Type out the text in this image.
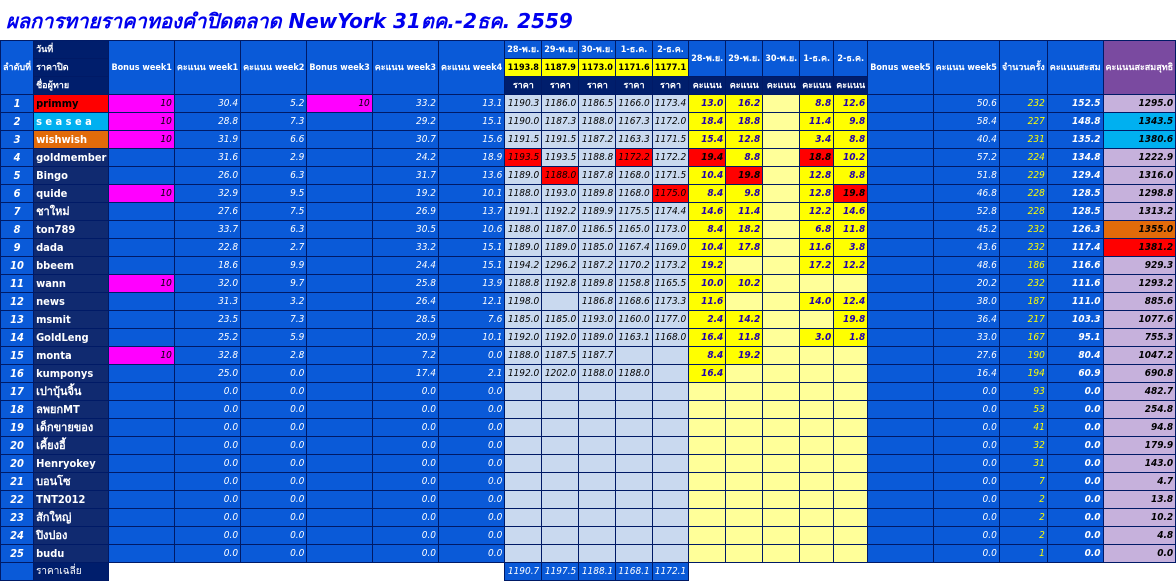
ผลการทายราคาทองคำปิดตลาด NewYork 31ตค.-2ธค. 2559
ลำดับที่	วันที่	Bonus week1	คะแนน week1	คะแนน week2	Bonus week3	คะแนน week3	คะแนน week4	28-พ.ย.	29-พ.ย.	30-พ.ย.	1-ธ.ค.	2-ธ.ค.	28-พ.ย.	29-พ.ย.	30-พ.ย.	1-ธ.ค.	2-ธ.ค.	Bonus week5	คะแนน week5	จำนวนครั้ง	คะแนนสะสม	คะแนนสะสมสุทธิ
	ราคาปิด							1193.8	1187.9	1173.0	1171.6	1177.1										
	ชื่อผู้ทาย							ราคา	ราคา	ราคา	ราคา	ราคา	คะแนน	คะแนน	คะแนน	คะแนน	คะแนน					
1	primmy	10	30.4	5.2	10	33.2	13.1	1190.3	1186.0	1186.5	1166.0	1173.4	13.0	16.2		8.8	12.6		50.6	232	152.5	1295.0
2	s e a s e a	10	28.8	7.3		29.2	15.1	1190.0	1187.3	1188.0	1167.3	1172.0	18.4	18.8		11.4	9.8		58.4	227	148.8	1343.5
3	wishwish	10	31.9	6.6		30.7	15.6	1191.5	1191.5	1187.2	1163.3	1171.5	15.4	12.8		3.4	8.8		40.4	231	135.2	1380.6
4	goldmember		31.6	2.9		24.2	18.9	1193.5	1193.5	1188.8	1172.2	1172.2	19.4	8.8		18.8	10.2		57.2	224	134.8	1222.9
5	Bingo		26.0	6.3		31.7	13.6	1189.0	1188.0	1187.8	1168.0	1171.5	10.4	19.8		12.8	8.8		51.8	229	129.4	1316.0
6	quide	10	32.9	9.5		19.2	10.1	1188.0	1193.0	1189.8	1168.0	1175.0	8.4	9.8		12.8	19.8		46.8	228	128.5	1298.8
7	ชาใหม่		27.6	7.5		26.9	13.7	1191.1	1192.2	1189.9	1175.5	1174.4	14.6	11.4		12.2	14.6		52.8	228	128.5	1313.2
8	ton789		33.7	6.3		30.5	10.6	1188.0	1187.0	1186.5	1165.0	1173.0	8.4	18.2		6.8	11.8		45.2	232	126.3	1355.0
9	dada		22.8	2.7		33.2	15.1	1189.0	1189.0	1185.0	1167.4	1169.0	10.4	17.8		11.6	3.8		43.6	232	117.4	1381.2
10	bbeem		18.6	9.9		24.4	15.1	1194.2	1296.2	1187.2	1170.2	1173.2	19.2			17.2	12.2		48.6	186	116.6	929.3
11	wann	10	32.0	9.7		25.8	13.9	1188.8	1192.8	1189.8	1158.8	1165.5	10.0	10.2					20.2	232	111.6	1293.2
12	news		31.3	3.2		26.4	12.1	1198.0		1186.8	1168.6	1173.3	11.6			14.0	12.4		38.0	187	111.0	885.6
13	msmit		23.5	7.3		28.5	7.6	1185.0	1185.0	1193.0	1160.0	1177.0	2.4	14.2			19.8		36.4	217	103.3	1077.6
14	GoldLeng		25.2	5.9		20.9	10.1	1192.0	1192.0	1189.0	1163.1	1168.0	16.4	11.8		3.0	1.8		33.0	167	95.1	755.3
15	monta	10	32.8	2.8		7.2	0.0	1188.0	1187.5	1187.7			8.4	19.2					27.6	190	80.4	1047.2
16	kumponys		25.0	0.0		17.4	2.1	1192.0	1202.0	1188.0	1188.0		16.4						16.4	194	60.9	690.8
17	เปาบุ้นจิ้น		0.0	0.0		0.0	0.0												0.0	93	0.0	482.7
18	ลพยกMT		0.0	0.0		0.0	0.0												0.0	53	0.0	254.8
19	เด็กขายของ		0.0	0.0		0.0	0.0												0.0	41	0.0	94.8
20	เคี้ยงอี้		0.0	0.0		0.0	0.0												0.0	32	0.0	179.9
20	Henryokey		0.0	0.0		0.0	0.0												0.0	31	0.0	143.0
21	บอนโซ		0.0	0.0		0.0	0.0												0.0	7	0.0	4.7
22	TNT2012		0.0	0.0		0.0	0.0												0.0	2	0.0	13.8
23	สักใหญ่		0.0	0.0		0.0	0.0												0.0	2	0.0	10.2
24	ปิงปอง		0.0	0.0		0.0	0.0												0.0	2	0.0	4.8
25	budu		0.0	0.0		0.0	0.0												0.0	1	0.0	0.0
	ราคาเฉลี่ย							1190.7	1197.5	1188.1	1168.1	1172.1										
